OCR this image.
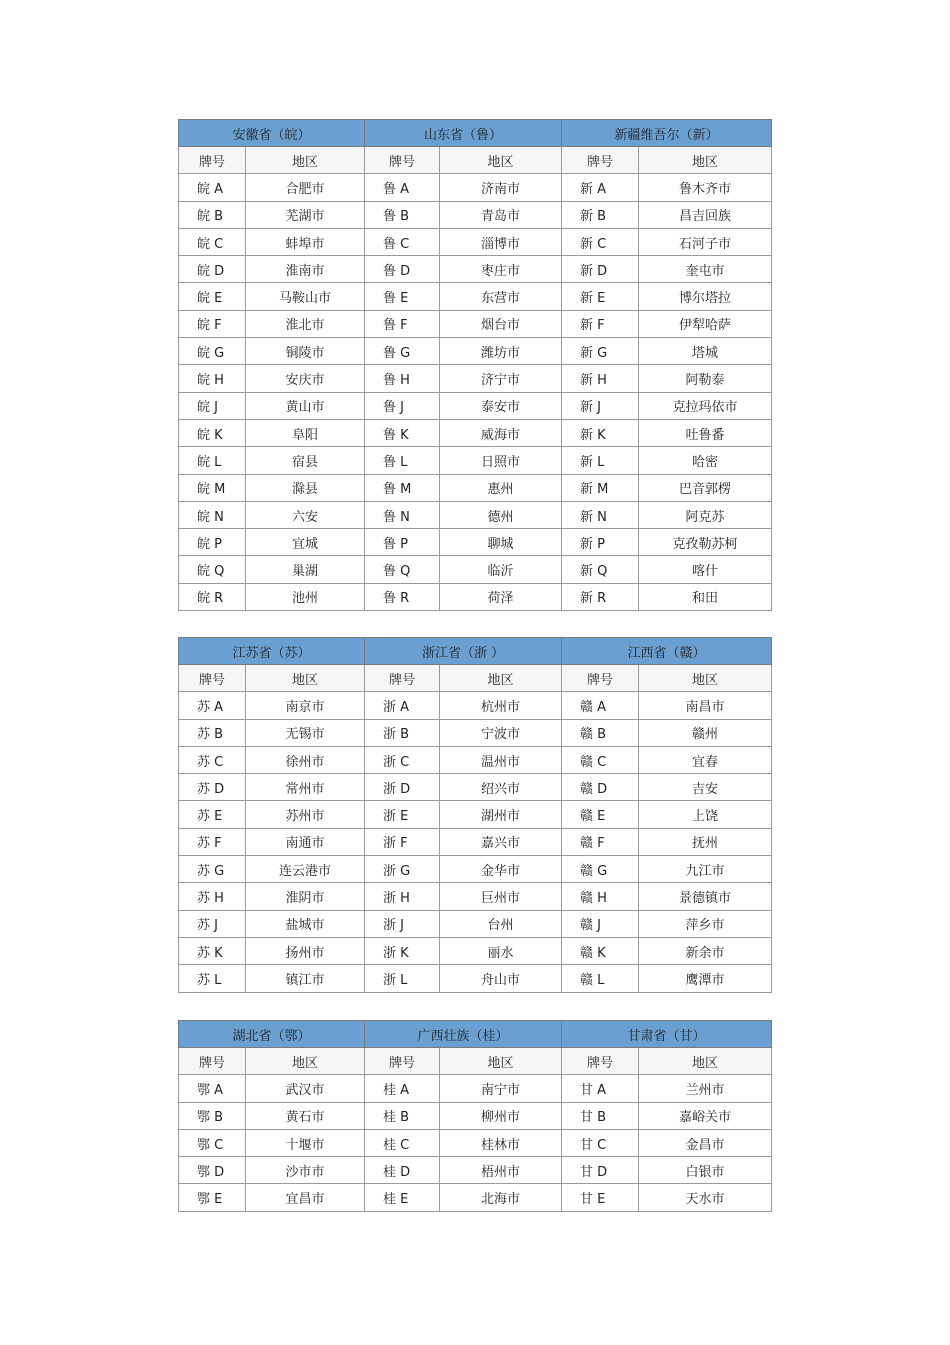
安徽省（皖）		山东省（鲁）		新疆维吾尔（新）	
牌号	地区	牌号	地区	牌号	地区
皖 A	合肥市	鲁 A	济南市	新 A	鲁木齐市
皖 B	芜湖市	鲁 B	青岛市	新 B	昌吉回族
皖 C	蚌埠市	鲁 C	淄博市	新 C	石河子市
皖 D	淮南市	鲁 D	枣庄市	新 D	奎屯市
皖 E	马鞍山市	鲁 E	东营市	新 E	博尔塔拉
皖 F	淮北市	鲁 F	烟台市	新 F	伊犁哈萨
皖 G	铜陵市	鲁 G	潍坊市	新 G	塔城
皖 H	安庆市	鲁 H	济宁市	新 H	阿勒泰
皖 J	黄山市	鲁 J	泰安市	新 J	克拉玛依市
皖 K	阜阳	鲁 K	威海市	新 K	吐鲁番
皖 L	宿县	鲁 L	日照市	新 L	哈密
皖 M	滁县	鲁 M	惠州	新 M	巴音郭楞
皖 N	六安	鲁 N	德州	新 N	阿克苏
皖 P	宜城	鲁 P	聊城	新 P	克孜勒苏柯
皖 Q	巢湖	鲁 Q	临沂	新 Q	喀什
皖 R	池州	鲁 R	荷泽	新 R	和田
江苏省（苏）		浙江省（浙 ）		江西省（赣）	
牌号	地区	牌号	地区	牌号	地区
苏 A	南京市	浙 A	杭州市	赣 A	南昌市
苏 B	无锡市	浙 B	宁波市	赣 B	赣州
苏 C	徐州市	浙 C	温州市	赣 C	宜春
苏 D	常州市	浙 D	绍兴市	赣 D	吉安
苏 E	苏州市	浙 E	湖州市	赣 E	上饶
苏 F	南通市	浙 F	嘉兴市	赣 F	抚州
苏 G	连云港市	浙 G	金华市	赣 G	九江市
苏 H	淮阴市	浙 H	巨州市	赣 H	景德镇市
苏 J	盐城市	浙 J	台州	赣 J	萍乡市
苏 K	扬州市	浙 K	丽水	赣 K	新余市
苏 L	镇江市	浙 L	舟山市	赣 L	鹰潭市
湖北省（鄂）		广西壮族（桂）		甘肃省（甘）	
牌号	地区	牌号	地区	牌号	地区
鄂 A	武汉市	桂 A	南宁市	甘 A	兰州市
鄂 B	黄石市	桂 B	柳州市	甘 B	嘉峪关市
鄂 C	十堰市	桂 C	桂林市	甘 C	金昌市
鄂 D	沙市市	桂 D	梧州市	甘 D	白银市
鄂 E	宜昌市	桂 E	北海市	甘 E	天水市
